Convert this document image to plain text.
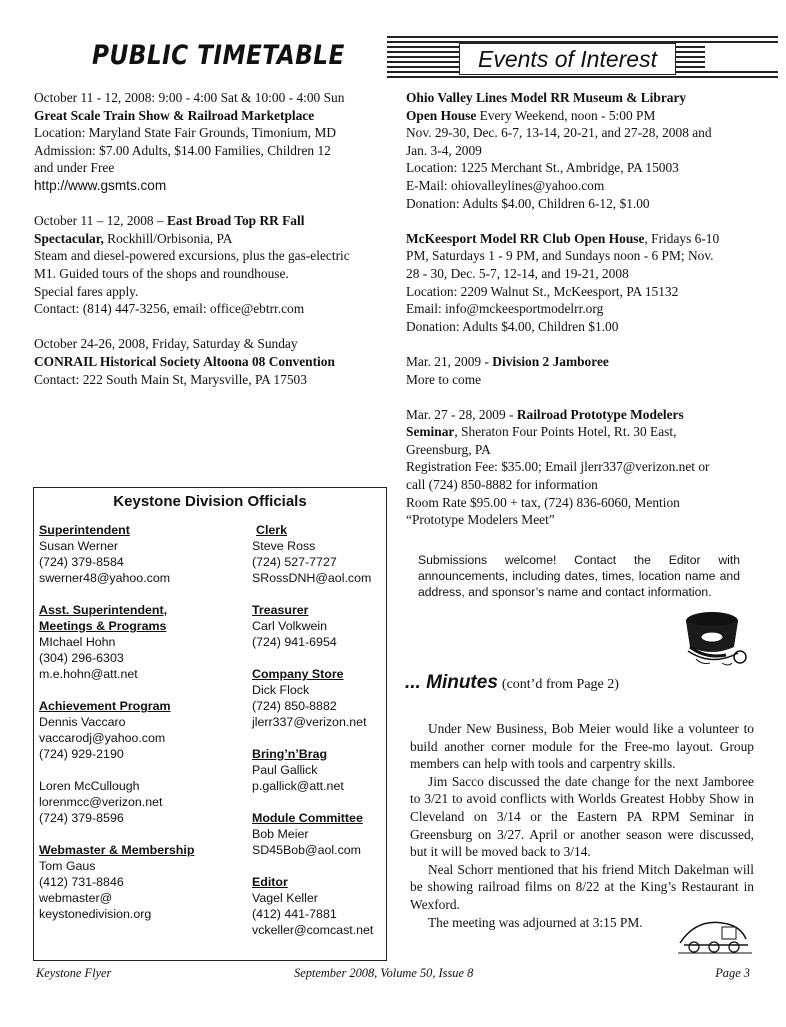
PUBLIC TIMETABLE	Events of Interest

October 11 - 12, 2008: 9:00 - 4:00 Sat & 10:00 - 4:00 Sun

Great Scale Train Show & Railroad Marketplace

Location: Maryland State Fair Grounds, Timonium, MD

Admission: $7.00 Adults, $14.00 Families, Children 12

and under Free

http://www.gsmts.com

October 11 – 12, 2008 – East Broad Top RR Fall

Spectacular, Rockhill/Orbisonia, PA

Steam and diesel-powered excursions, plus the gas-electric

M1. Guided tours of the shops and roundhouse.

Special fares apply.

Contact: (814) 447-3256, email: office@ebtrr.com

October 24-26, 2008, Friday, Saturday & Sunday

CONRAIL Historical Society Altoona 08 Convention

Contact: 222 South Main St, Marysville, PA 17503

Ohio Valley Lines Model RR Museum & Library

Open House Every Weekend, noon - 5:00 PM

Nov. 29-30, Dec. 6-7, 13-14, 20-21, and 27-28, 2008 and

Jan. 3-4, 2009

Location: 1225 Merchant St., Ambridge, PA 15003

E-Mail: ohiovalleylines@yahoo.com

Donation: Adults $4.00, Children 6-12, $1.00

McKeesport Model RR Club Open House, Fridays 6-10

PM, Saturdays 1 - 9 PM, and Sundays noon - 6 PM; Nov.

28 - 30, Dec. 5-7, 12-14, and 19-21, 2008

Location: 2209 Walnut St., McKeesport, PA 15132

Email: info@mckeesportmodelrr.org

Donation: Adults $4.00, Children $1.00

Mar. 21, 2009 - Division 2 Jamboree

More to come

Mar. 27 - 28, 2009 - Railroad Prototype Modelers

Seminar, Sheraton Four Points Hotel, Rt. 30 East,

Greensburg, PA

Registration Fee: $35.00; Email jlerr337@verizon.net or

call (724) 850-8882 for information

Room Rate $95.00 + tax, (724) 836-6060, Mention

“Prototype Modelers Meet”

Submissions welcome! Contact the Editor with announcements, including dates, times, location name and address, and sponsor’s name and contact information.
... Minutes (cont’d from Page 2)

Under New Business, Bob Meier would like a volunteer to build another corner module for the Free-mo layout. Group members can help with tools and carpentry skills.

Jim Sacco discussed the date change for the next Jamboree to 3/21 to avoid conflicts with Worlds Greatest Hobby Show in Cleveland on 3/14 or the Eastern PA RPM Seminar in Greensburg on 3/27. April or another season were discussed, but it will be moved back to 3/14.

Neal Schorr mentioned that his friend Mitch Dakelman will be showing railroad films on 8/22 at the King’s Restaurant in Wexford.

The meeting was adjourned at 3:15 PM.

Keystone Division Officials
Superintendent
Susan Werner
(724) 379-8584
swerner48@yahoo.com
Asst. Superintendent,
Meetings & Programs
MIchael Hohn
(304) 296-6303
m.e.hohn@att.net
Achievement Program
Dennis Vaccaro
vaccarodj@yahoo.com
(724) 929-2190
Loren McCullough
lorenmcc@verizon.net
(724) 379-8596
Webmaster & Membership
Tom Gaus
(412) 731-8846
webmaster@
keystonedivision.org
Clerk
Steve Ross
(724) 527-7727
SRossDNH@aol.com
Treasurer
Carl Volkwein
(724) 941-6954
Company Store
Dick Flock
(724) 850-8882
jlerr337@verizon.net
Bring’n’Brag
Paul Gallick
p.gallick@att.net
Module Committee
Bob Meier
SD45Bob@aol.com
Editor
Vagel Keller
(412) 441-7881
vckeller@comcast.net
Keystone Flyer	September 2008, Volume 50, Issue 8	Page 3
